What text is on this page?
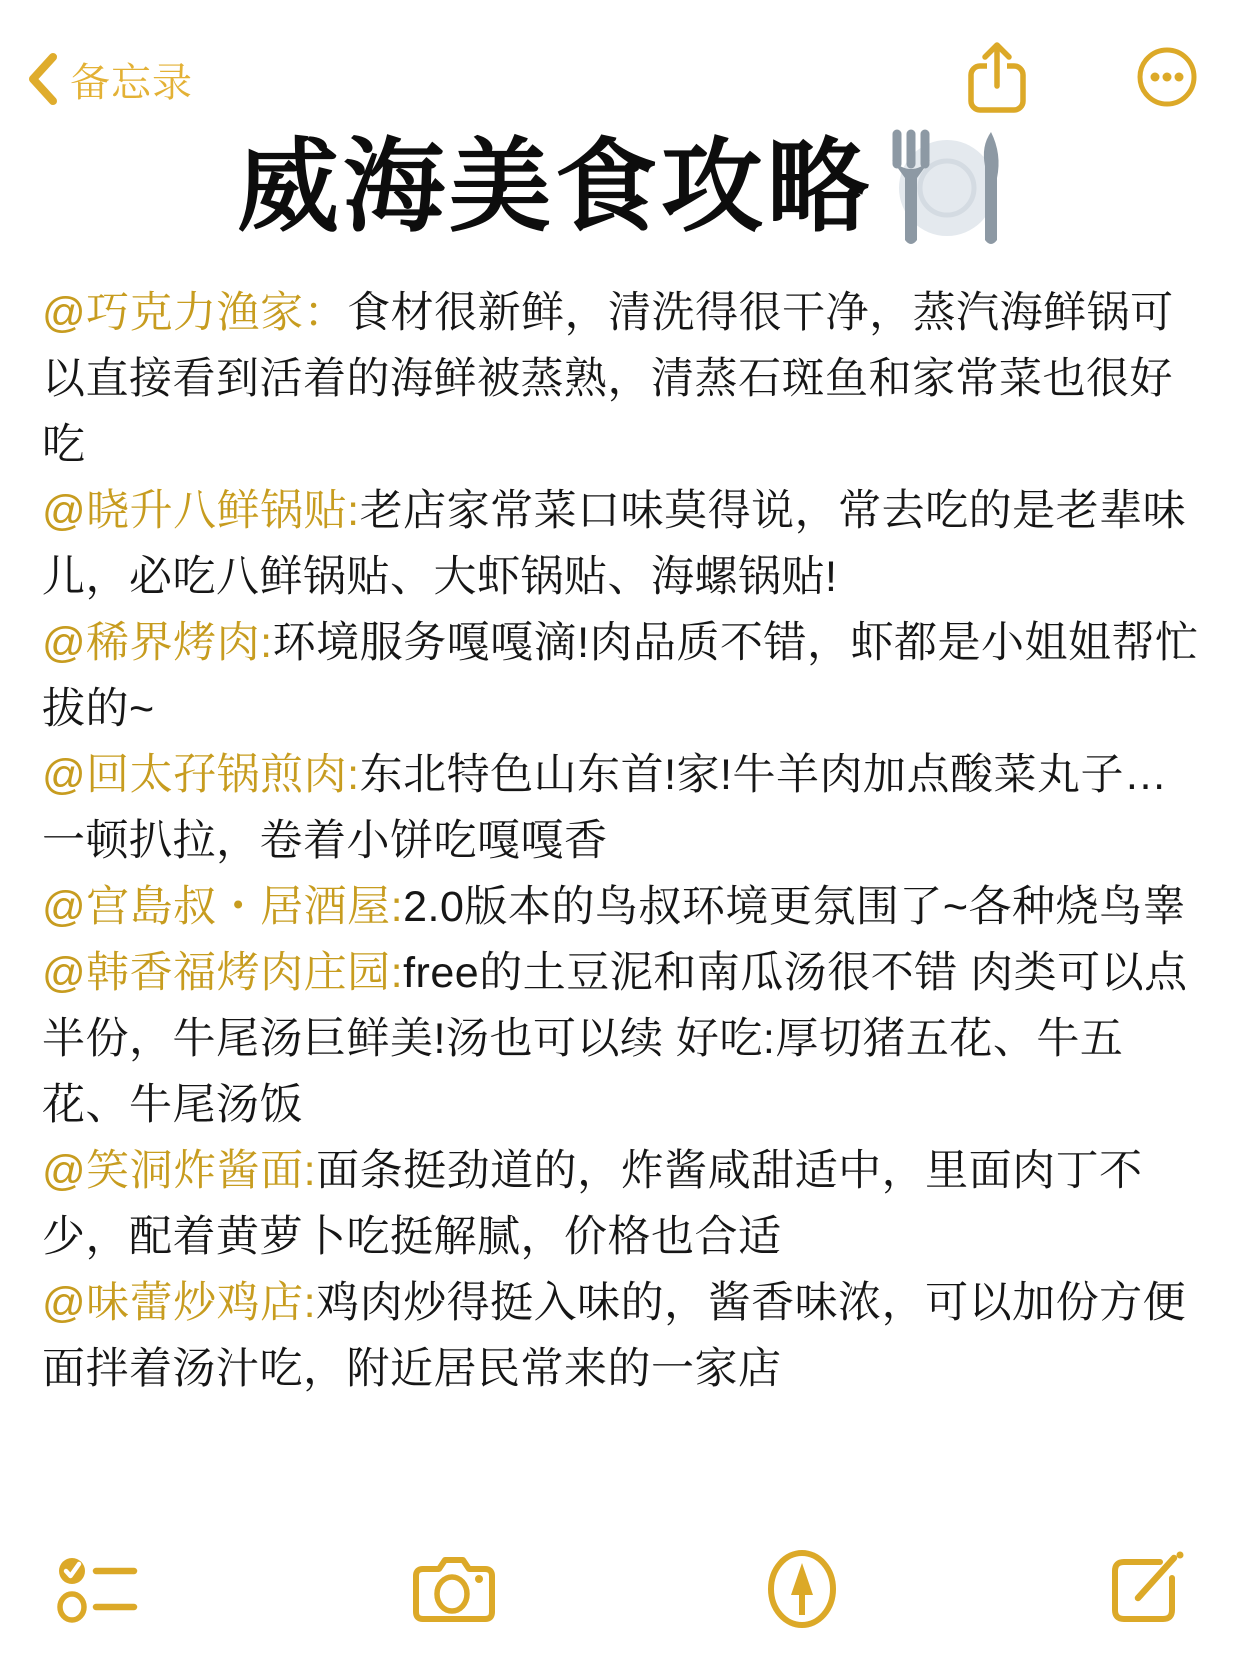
备忘录
威海美食攻略

@巧克力渔家：食材很新鲜，清洗得很干净，蒸汽海鲜锅可以直接看到活着的海鲜被蒸熟，清蒸石斑鱼和家常菜也很好吃

@晓升八鲜锅贴:老店家常菜口味莫得说，常去吃的是老辈味儿，必吃八鲜锅贴、大虾锅贴、海螺锅贴!

@稀界烤肉:环境服务嘎嘎滴!肉品质不错，虾都是小姐姐帮忙拔的~

@回太孖锅煎肉:东北特色山东首!家!牛羊肉加点酸菜丸子…一顿扒拉，卷着小饼吃嘎嘎香

@宫島叔・居酒屋:2.0版本的鸟叔环境更氛围了~各种烧鸟睾

@韩香福烤肉庄园:free的土豆泥和南瓜汤很不错 肉类可以点半份，牛尾汤巨鲜美!汤也可以续 好吃:厚切猪五花、牛五花、牛尾汤饭

@笑洞炸酱面:面条挺劲道的，炸酱咸甜适中，里面肉丁不少，配着黄萝卜吃挺解腻，价格也合适

@味蕾炒鸡店:鸡肉炒得挺入味的，酱香味浓，可以加份方便面拌着汤汁吃，附近居民常来的一家店
